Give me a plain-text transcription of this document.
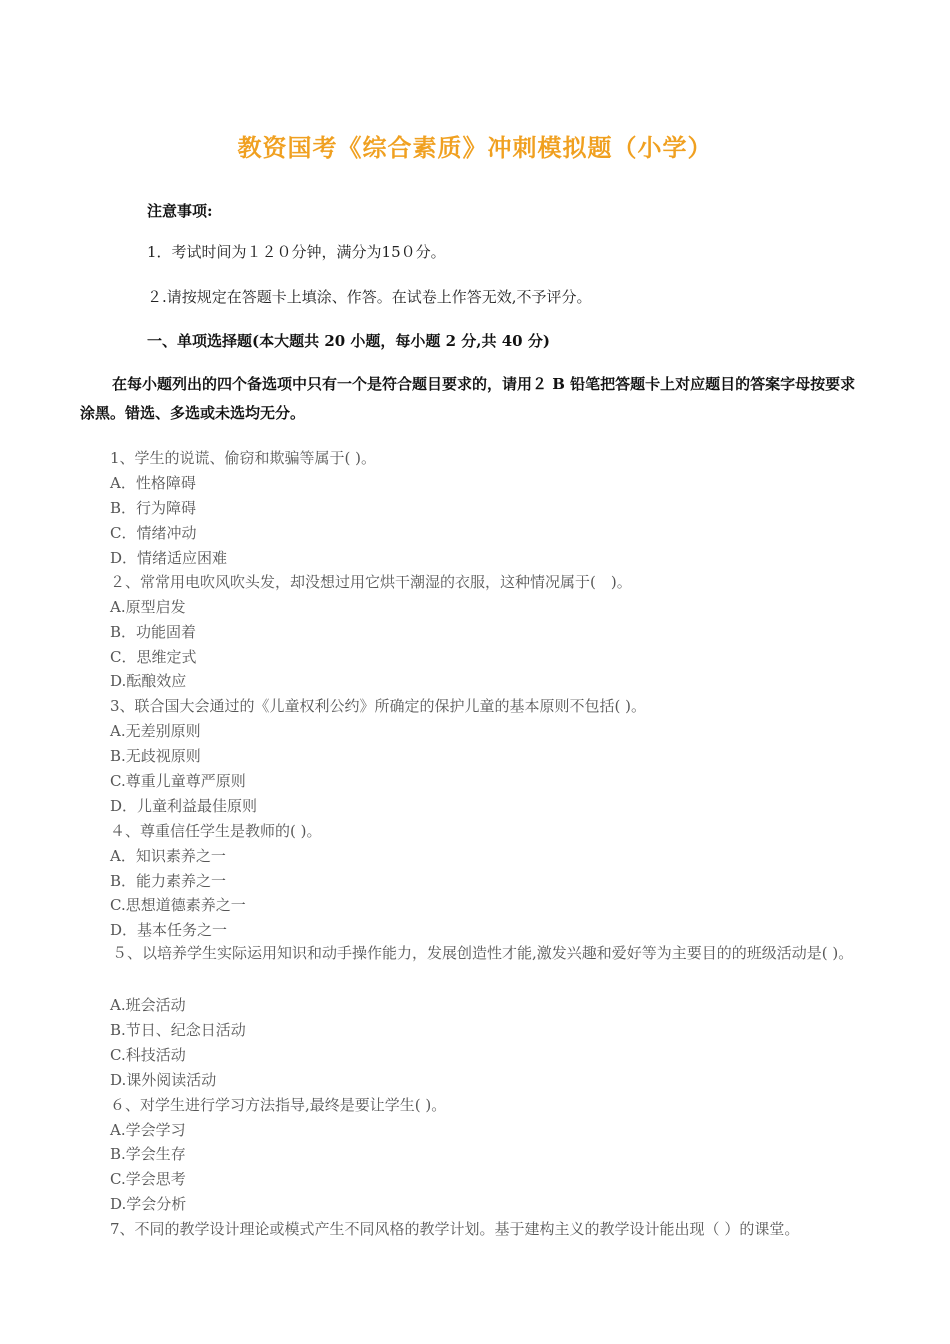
教资国考《综合素质》冲刺模拟题（小学）
注意事项:
1．考试时间为１２０分钟，满分为15０分。
２.请按规定在答题卡上填涂、作答。在试卷上作答无效,不予评分。
一、单项选择题(本大题共 20 小题，每小题 2 分,共 40 分)
在每小题列出的四个备选项中只有一个是符合题目要求的，请用２ B 铅笔把答题卡上对应题目的答案字母按要求涂黑。错选、多选或未选均无分。
1、学生的说谎、偷窃和欺骗等属于( )。
A．性格障碍
B．行为障碍
C．情绪冲动
D．情绪适应困难
２、常常用电吹风吹头发，却没想过用它烘干潮湿的衣服，这种情况属于(　)。
A.原型启发
B．功能固着
C．思维定式
D.酝酿效应
3、联合国大会通过的《儿童权利公约》所确定的保护儿童的基本原则不包括( )。
A.无差别原则
B.无歧视原则
C.尊重儿童尊严原则
D．儿童利益最佳原则
４、尊重信任学生是教师的( )。
A．知识素养之一
B．能力素养之一
C.思想道德素养之一
D．基本任务之一
５、以培养学生实际运用知识和动手操作能力，发展创造性才能,激发兴趣和爱好等为主要目的的班级活动是( )。
A.班会活动
B.节日、纪念日活动
C.科技活动
D.课外阅读活动
６、对学生进行学习方法指导,最终是要让学生( )。
A.学会学习
B.学会生存
C.学会思考
D.学会分析
7、不同的教学设计理论或模式产生不同风格的教学计划。基于建构主义的教学设计能出现（ ）的课堂。
